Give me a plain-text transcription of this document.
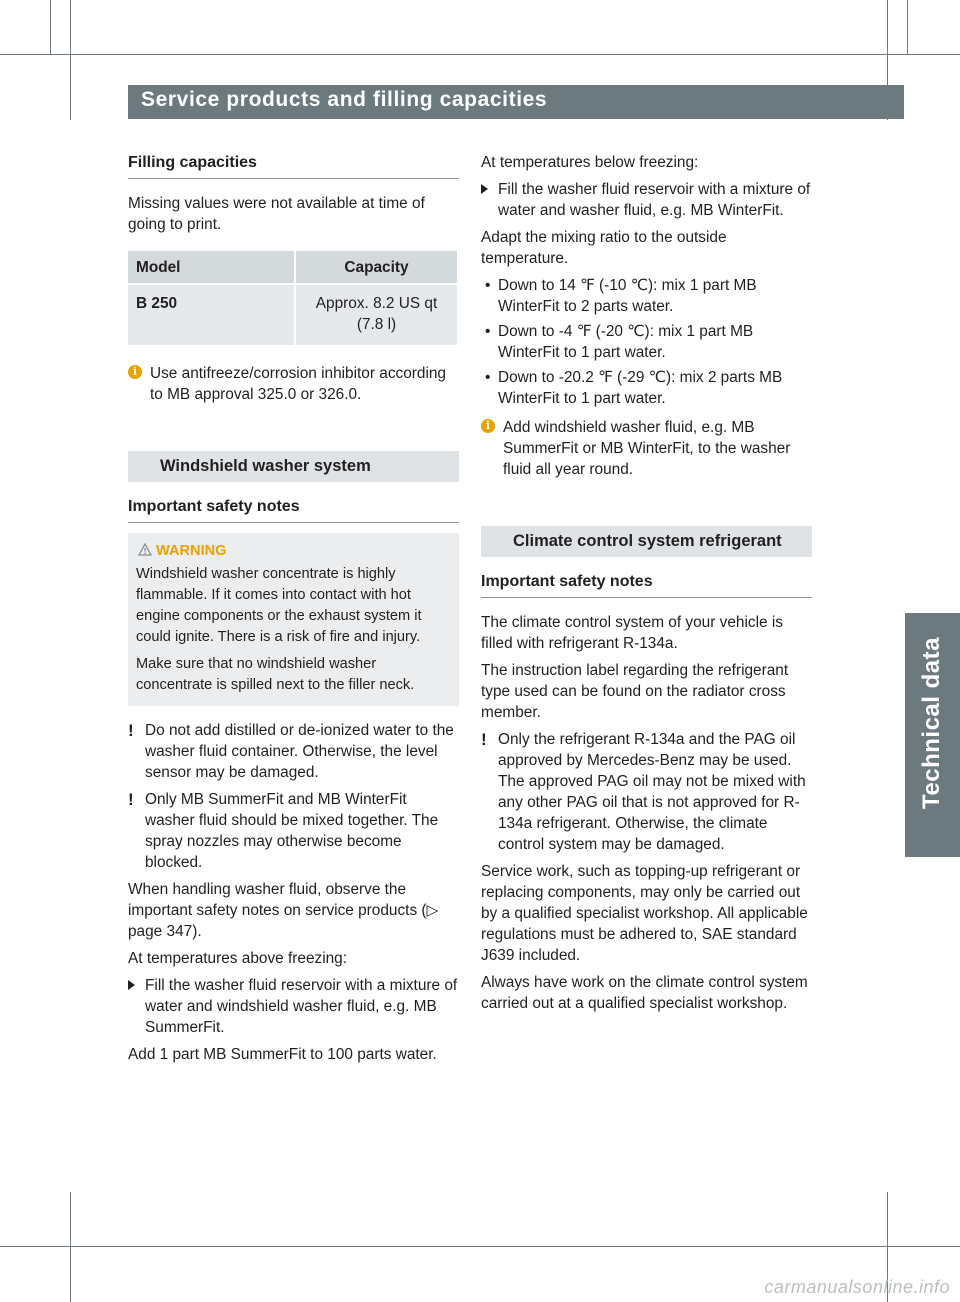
352 Service products and filling capacities
Technical data
Filling capacities

Missing values were not available at time of going to print.

Model	Capacity
B 250	Approx. 8.2 US qt
(7.8 l)
i Use antifreeze/corrosion inhibitor according to MB approval 325.0 or 326.0.
Windshield washer system
Important safety notes
WARNING

Windshield washer concentrate is highly flammable. If it comes into contact with hot engine components or the exhaust system it could ignite. There is a risk of fire and injury.

Make sure that no windshield washer concentrate is spilled next to the filler neck.

! Do not add distilled or de-ionized water to the washer fluid container. Otherwise, the level sensor may be damaged.
! Only MB SummerFit and MB WinterFit washer fluid should be mixed together. The spray nozzles may otherwise become blocked.

When handling washer fluid, observe the important safety notes on service products (▷ page 347).

At temperatures above freezing:

Fill the washer fluid reservoir with a mixture of water and windshield washer fluid, e.g. MB SummerFit.

Add 1 part MB SummerFit to 100 parts water.

At temperatures below freezing:

Fill the washer fluid reservoir with a mixture of water and washer fluid, e.g. MB WinterFit.

Adapt the mixing ratio to the outside temperature.

• Down to 14 ℉ (-10 ℃): mix 1 part MB WinterFit to 2 parts water.
• Down to -4 ℉ (-20 ℃): mix 1 part MB WinterFit to 1 part water.
• Down to -20.2 ℉ (-29 ℃): mix 2 parts MB WinterFit to 1 part water.
i Add windshield washer fluid, e.g. MB SummerFit or MB WinterFit, to the washer fluid all year round.
Climate control system refrigerant
Important safety notes

The climate control system of your vehicle is filled with refrigerant R-134a.

The instruction label regarding the refrigerant type used can be found on the radiator cross member.

! Only the refrigerant R-134a and the PAG oil approved by Mercedes-Benz may be used. The approved PAG oil may not be mixed with any other PAG oil that is not approved for R-134a refrigerant. Otherwise, the climate control system may be damaged.

Service work, such as topping-up refrigerant or replacing components, may only be carried out by a qualified specialist workshop. All applicable regulations must be adhered to, SAE standard J639 included.

Always have work on the climate control system carried out at a qualified specialist workshop.

carmanualsonline.info
